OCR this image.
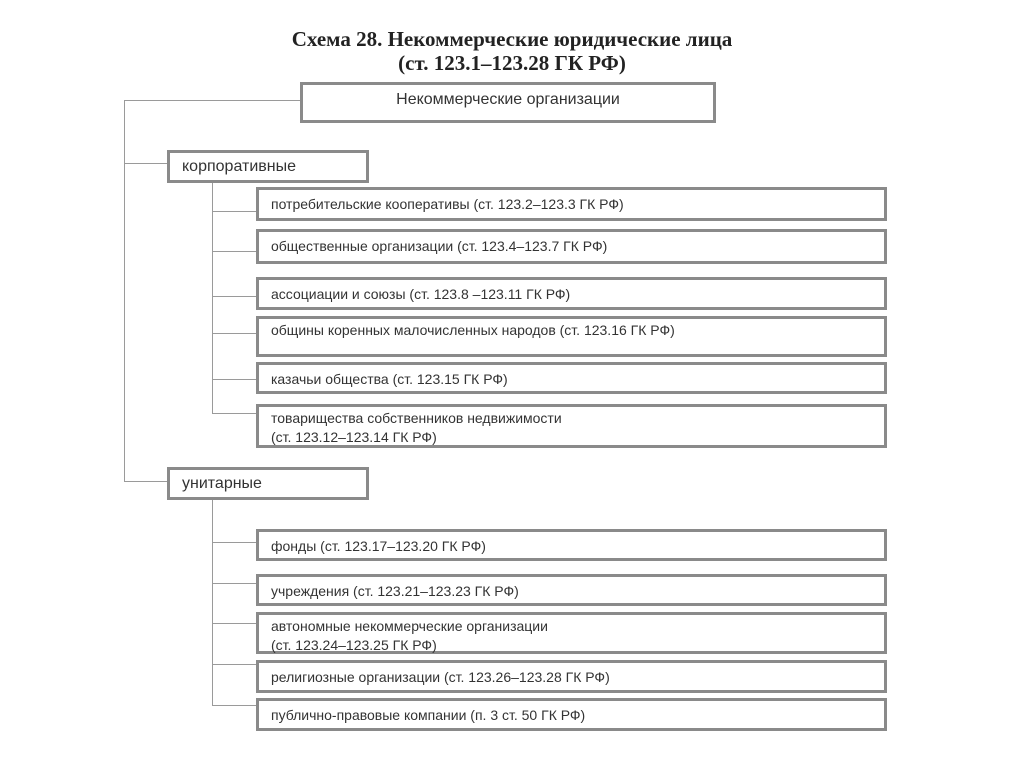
Схема 28. Некоммерческие юридические лица
(ст. 123.1–123.28 ГК РФ)
Некоммерческие организации
корпоративные
унитарные
потребительские кооперативы (ст. 123.2–123.3 ГК РФ)
общественные организации (ст. 123.4–123.7 ГК РФ)
ассоциации и союзы (ст. 123.8 –123.11 ГК РФ)
общины коренных малочисленных народов (ст. 123.16 ГК РФ)
казачьи общества (ст. 123.15 ГК РФ)
товарищества собственников недвижимости
(ст. 123.12–123.14 ГК РФ)
фонды (ст. 123.17–123.20 ГК РФ)
учреждения (ст. 123.21–123.23 ГК РФ)
автономные некоммерческие организации
(ст. 123.24–123.25 ГК РФ)
религиозные организации (ст. 123.26–123.28 ГК РФ)
публично-правовые компании (п. 3 ст. 50 ГК РФ)
